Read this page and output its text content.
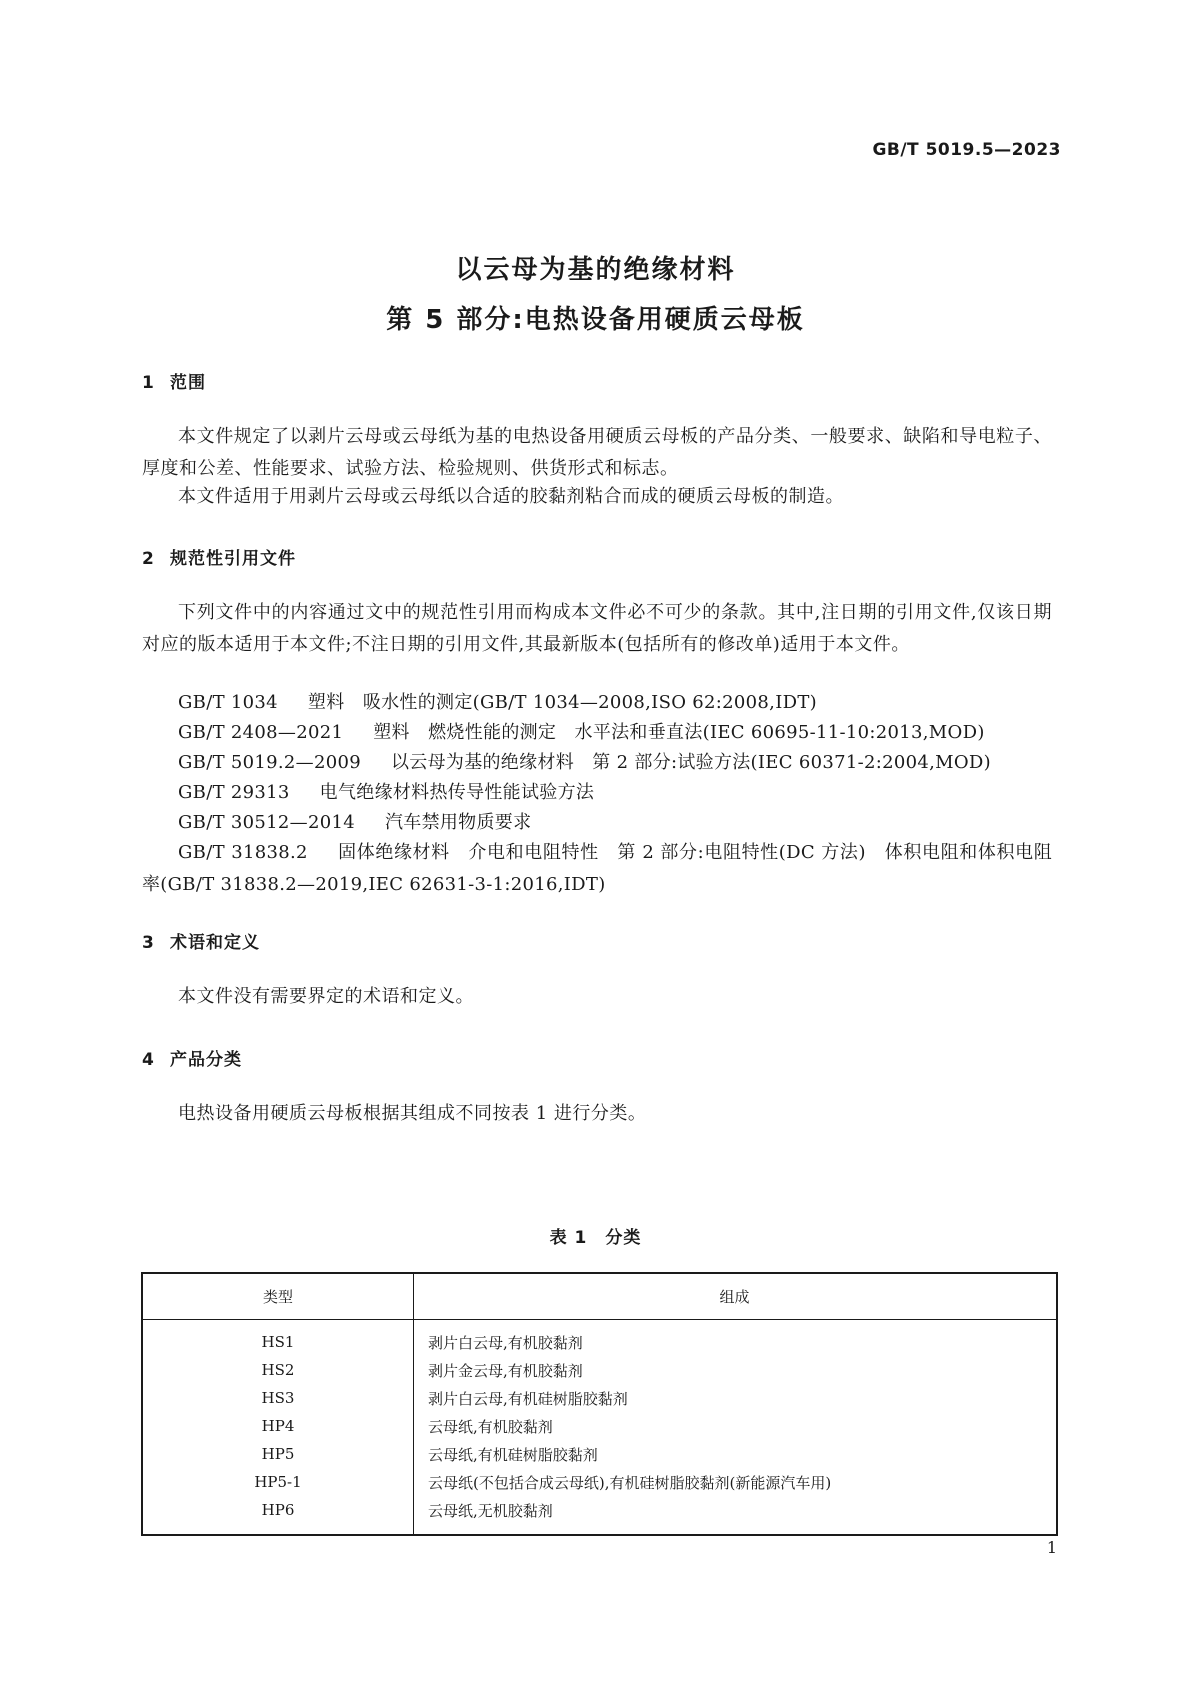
GB/T 5019.5—2023
以云母为基的绝缘材料
第 5 部分:电热设备用硬质云母板
1 范围
本文件规定了以剥片云母或云母纸为基的电热设备用硬质云母板的产品分类、一般要求、缺陷和导电粒子、厚度和公差、性能要求、试验方法、检验规则、供货形式和标志。
本文件适用于用剥片云母或云母纸以合适的胶黏剂粘合而成的硬质云母板的制造。
2 规范性引用文件
下列文件中的内容通过文中的规范性引用而构成本文件必不可少的条款。其中,注日期的引用文件,仅该日期对应的版本适用于本文件;不注日期的引用文件,其最新版本(包括所有的修改单)适用于本文件。
GB/T 1034 塑料　吸水性的测定(GB/T 1034—2008,ISO 62:2008,IDT)
GB/T 2408—2021 塑料　燃烧性能的测定　水平法和垂直法(IEC 60695-11-10:2013,MOD)
GB/T 5019.2—2009 以云母为基的绝缘材料　第 2 部分:试验方法(IEC 60371-2:2004,MOD)
GB/T 29313 电气绝缘材料热传导性能试验方法
GB/T 30512—2014 汽车禁用物质要求
GB/T 31838.2 固体绝缘材料　介电和电阻特性　第 2 部分:电阻特性(DC 方法)　体积电阻和体积电阻率(GB/T 31838.2—2019,IEC 62631-3-1:2016,IDT)
3 术语和定义
本文件没有需要界定的术语和定义。
4 产品分类
电热设备用硬质云母板根据其组成不同按表 1 进行分类。
表 1 分类
类型	组成
HS1	剥片白云母,有机胶黏剂
HS2	剥片金云母,有机胶黏剂
HS3	剥片白云母,有机硅树脂胶黏剂
HP4	云母纸,有机胶黏剂
HP5	云母纸,有机硅树脂胶黏剂
HP5-1	云母纸(不包括合成云母纸),有机硅树脂胶黏剂(新能源汽车用)
HP6	云母纸,无机胶黏剂
1
